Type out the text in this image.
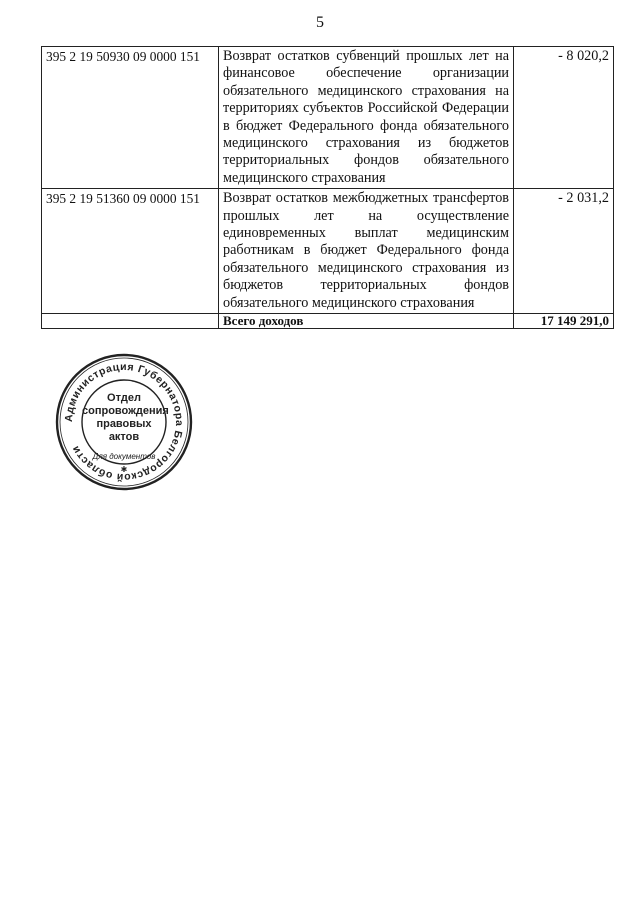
5
395 2 19 50930 09 0000 151	Возврат остатков субвенций прошлых лет на финансовое обеспечение организации обязательного медицинского страхования на территориях субъектов Российской Федерации в бюджет Федерального фонда обязательного медицинского страхования из бюджетов территориальных фондов обязательного медицинского страхования	- 8 020,2
395 2 19 51360 09 0000 151	Возврат остатков межбюджетных трансфертов прошлых лет на осуществление единовременных выплат медицинским работникам в бюджет Федерального фонда обязательного медицинского страхования из бюджетов территориальных фондов обязательного медицинского страхования	- 2 031,2
	Всего доходов	17 149 291,0
Администрация Губернатора Белгородской области
Отдел
сопровождения
правовых
актов
Для документов
✱
